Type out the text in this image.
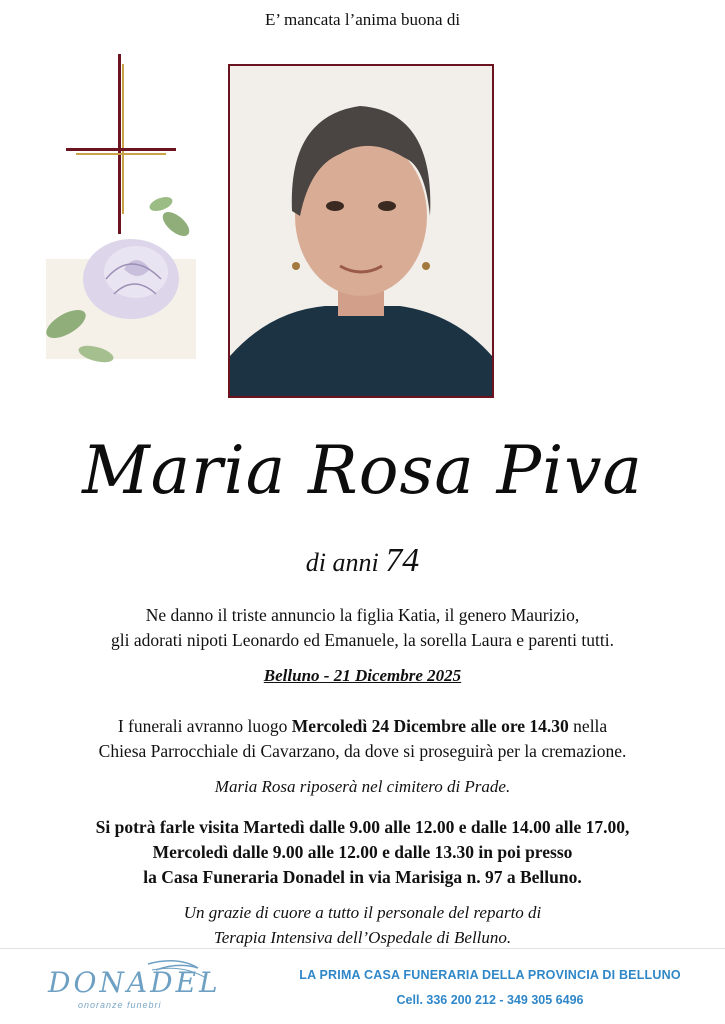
E’ mancata l’anima buona di
Maria Rosa Piva
di anni 74
Ne danno il triste annuncio la figlia Katia, il genero Maurizio,
gli adorati nipoti Leonardo ed Emanuele, la sorella Laura e parenti tutti.
Belluno - 21 Dicembre 2025
I funerali avranno luogo Mercoledì 24 Dicembre alle ore 14.30 nella
Chiesa Parrocchiale di Cavarzano, da dove si proseguirà per la cremazione.
Maria Rosa riposerà nel cimitero di Prade.
Si potrà farle visita Martedì dalle 9.00 alle 12.00 e dalle 14.00 alle 17.00,
Mercoledì dalle 9.00 alle 12.00 e dalle 13.30 in poi presso
la Casa Funeraria Donadel in via Marisiga n. 97 a Belluno.
Un grazie di cuore a tutto il personale del reparto di
Terapia Intensiva dell’Ospedale di Belluno.
DONADEL
onoranze funebri
LA PRIMA CASA FUNERARIA DELLA PROVINCIA DI BELLUNO
Cell. 336 200 212 - 349 305 6496
